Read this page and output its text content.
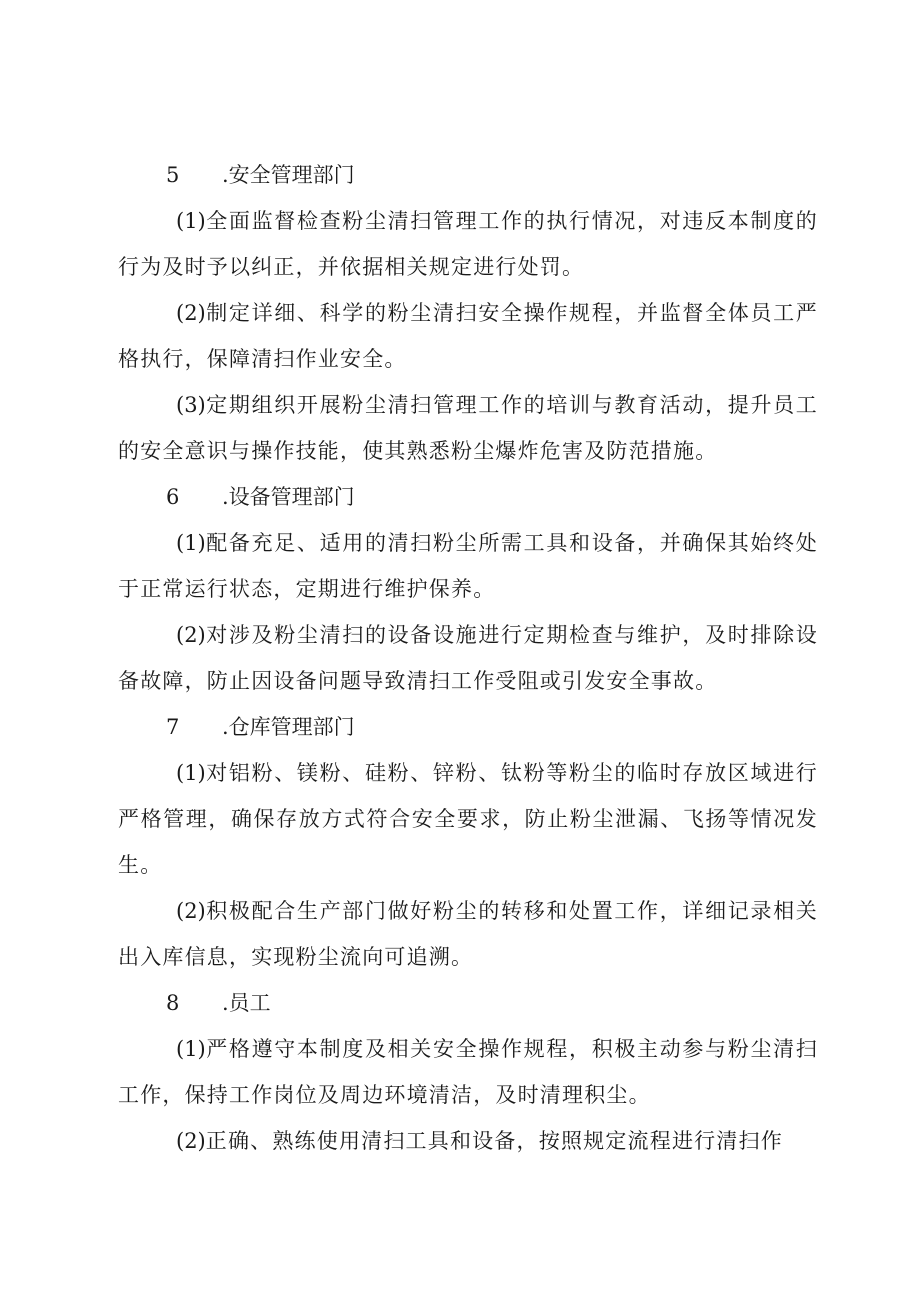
5 .安全管理部门

(1)全面监督检查粉尘清扫管理工作的执行情况，对违反本制度的行为及时予以纠正，并依据相关规定进行处罚。

(2)制定详细、科学的粉尘清扫安全操作规程，并监督全体员工严格执行，保障清扫作业安全。

(3)定期组织开展粉尘清扫管理工作的培训与教育活动，提升员工的安全意识与操作技能，使其熟悉粉尘爆炸危害及防范措施。

6 .设备管理部门

(1)配备充足、适用的清扫粉尘所需工具和设备，并确保其始终处于正常运行状态，定期进行维护保养。

(2)对涉及粉尘清扫的设备设施进行定期检查与维护，及时排除设备故障，防止因设备问题导致清扫工作受阻或引发安全事故。

7 .仓库管理部门

(1)对铝粉、镁粉、硅粉、锌粉、钛粉等粉尘的临时存放区域进行严格管理，确保存放方式符合安全要求，防止粉尘泄漏、飞扬等情况发生。

(2)积极配合生产部门做好粉尘的转移和处置工作，详细记录相关出入库信息，实现粉尘流向可追溯。

8 .员工

(1)严格遵守本制度及相关安全操作规程，积极主动参与粉尘清扫工作，保持工作岗位及周边环境清洁，及时清理积尘。

(2)正确、熟练使用清扫工具和设备，按照规定流程进行清扫作
